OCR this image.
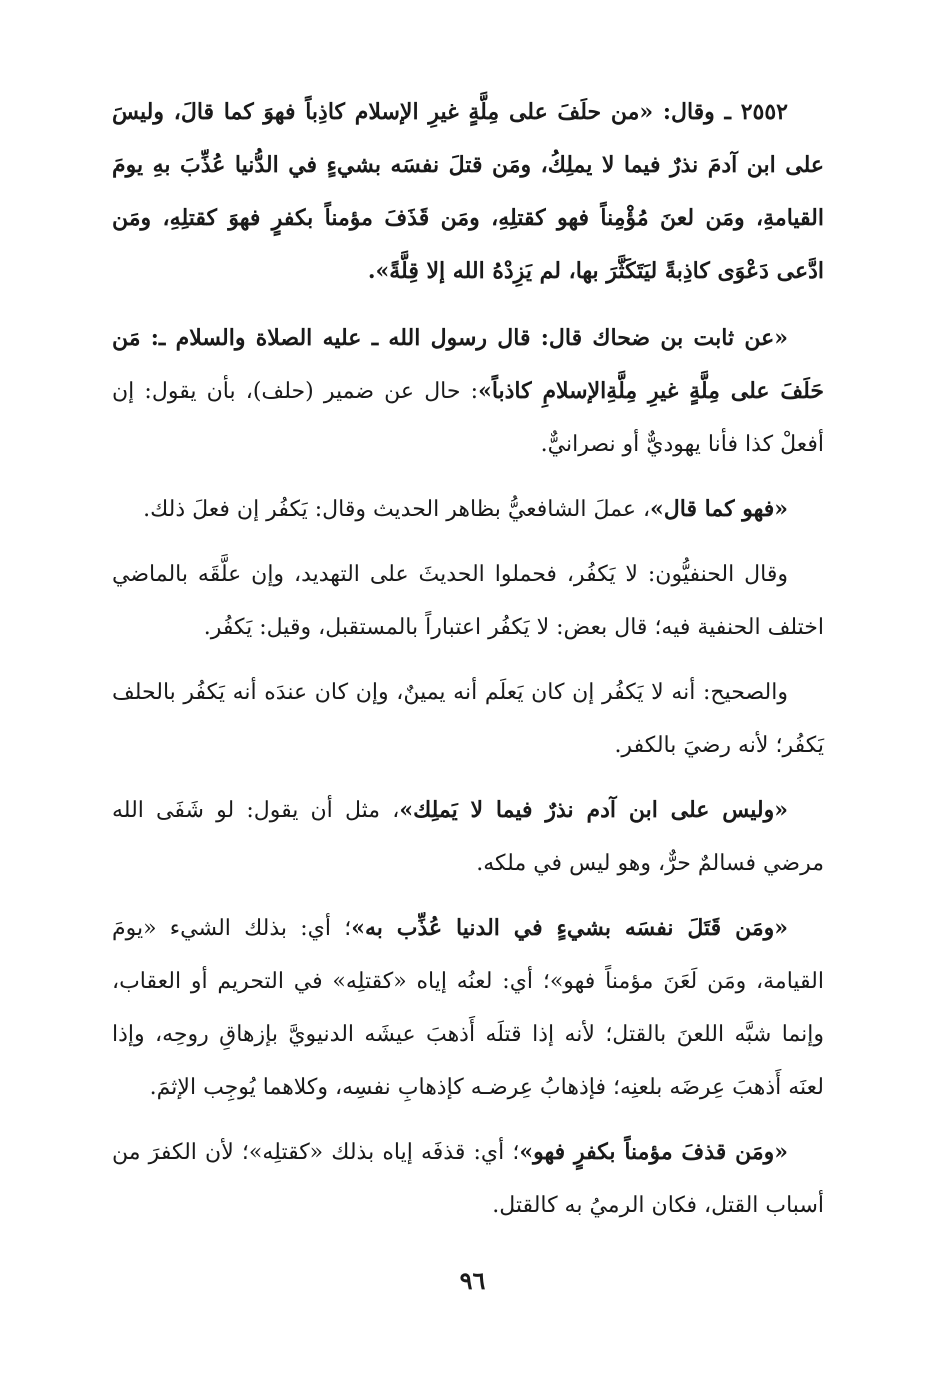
٢٥٥٢ ـ وقال: «من حلَفَ على مِلَّةٍ غيرِ الإسلام كاذِباً فهوَ كما قالَ، وليسَ على ابن آدمَ نذرٌ فيما لا يملِكُ، ومَن قتلَ نفسَه بشيءٍ في الدُّنيا عُذِّبَ بهِ يومَ القيامةِ، ومَن لعنَ مُؤْمِناً فهو كقتلِهِ، ومَن قَذَفَ مؤمناً بكفرٍ فهوَ كقتلِهِ، ومَن ادَّعى دَعْوَى كاذِبةً ليَتَكَثَّرَ بها، لم يَزِدْهُ الله إلا قِلَّةً».

«عن ثابت بن ضحاك قال: قال رسول الله ـ عليه الصلاة والسلام ـ: مَن حَلَفَ على مِلَّةٍ غيرِ مِلَّةِالإسلامِ كاذباً»: حال عن ضمير (حلف)، بأن يقول: إن أفعلْ كذا فأنا يهوديٌّ أو نصرانيٌّ.

«فهو كما قال»، عملَ الشافعيُّ بظاهر الحديث وقال: يَكفُر إن فعلَ ذلك.

وقال الحنفيُّون: لا يَكفُر، فحملوا الحديثَ على التهديد، وإن علَّقَه بالماضي اختلف الحنفية فيه؛ قال بعض: لا يَكفُر اعتباراً بالمستقبل، وقيل: يَكفُر.

والصحيح: أنه لا يَكفُر إن كان يَعلَم أنه يمينٌ، وإن كان عندَه أنه يَكفُر بالحلف يَكفُر؛ لأنه رضيَ بالكفر.

«وليس على ابن آدم نذرٌ فيما لا يَملِك»، مثل أن يقول: لو شَفَى الله مرضي فسالمٌ حرٌّ، وهو ليس في ملكه.

«ومَن قَتَلَ نفسَه بشيءٍ في الدنيا عُذِّب به»؛ أي: بذلك الشيء «يومَ القيامة، ومَن لَعَنَ مؤمناً فهو»؛ أي: لعنُه إياه «كقتلِه» في التحريم أو العقاب، وإنما شبَّه اللعنَ بالقتل؛ لأنه إذا قتلَه أَذهبَ عيشَه الدنيويَّ بإزهاقِ روحِه، وإذا لعنَه أَذهبَ عِرضَه بلعنِه؛ فإذهابُ عِرضـه كإذهابِ نفسِه، وكلاهما يُوجِب الإثمَ.

«ومَن قذفَ مؤمناً بكفرٍ فهو»؛ أي: قذفَه إياه بذلك «كقتلِه»؛ لأن الكفرَ من أسباب القتل، فكان الرميُ به كالقتل.

٩٦
